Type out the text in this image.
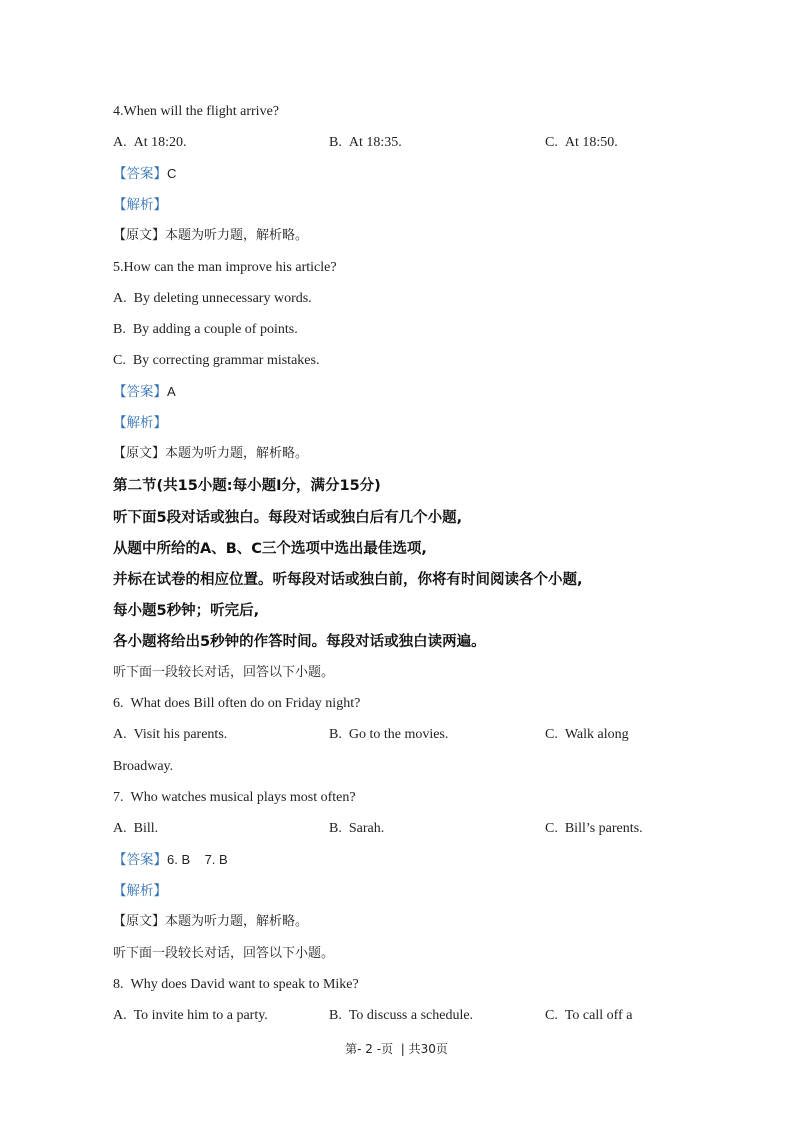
4.When will the flight arrive?
A.  At 18:20.	B.  At 18:35.	C.  At 18:50.
【答案】C
【解析】
【原文】本题为听力题，解析略。
5.How can the man improve his article?
A.  By deleting unnecessary words.
B.  By adding a couple of points.
C.  By correcting grammar mistakes.
【答案】A
【解析】
【原文】本题为听力题，解析略。
第二节(共15小题:每小题I分，满分15分)
听下面5段对话或独白。每段对话或独白后有几个小题,
从题中所给的A、B、C三个选项中选出最佳选项,
并标在试卷的相应位置。听每段对话或独白前，你将有时间阅读各个小题,
每小题5秒钟；听完后,
各小题将给出5秒钟的作答时间。每段对话或独白读两遍。
听下面一段较长对话，回答以下小题。
6.  What does Bill often do on Friday night?
A.  Visit his parents.	B.  Go to the movies.	C.  Walk along
Broadway.
7.  Who watches musical plays most often?
A.  Bill.	B.  Sarah.	C.  Bill’s parents.
【答案】6. B    7. B
【解析】
【原文】本题为听力题，解析略。
听下面一段较长对话，回答以下小题。
8.  Why does David want to speak to Mike?
A.  To invite him to a party.	B.  To discuss a schedule.	C.  To call off a
第- 2 -页  | 共30页
